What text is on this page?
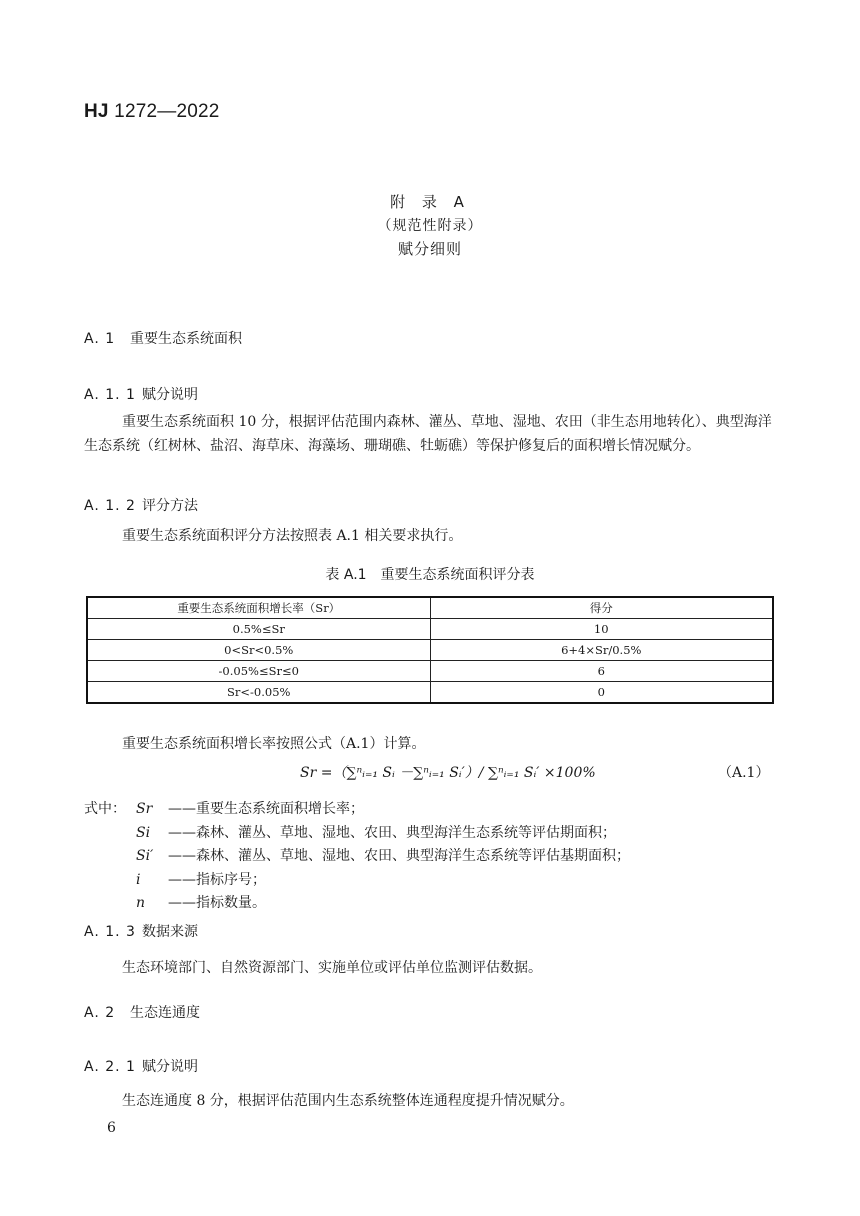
HJ 1272—2022
附 录 A
（规范性附录）
赋分细则
A. 1 重要生态系统面积
A. 1. 1 赋分说明
重要生态系统面积 10 分，根据评估范围内森林、灌丛、草地、湿地、农田（非生态用地转化）、典型海洋生态系统（红树林、盐沼、海草床、海藻场、珊瑚礁、牡蛎礁）等保护修复后的面积增长情况赋分。
A. 1. 2 评分方法
重要生态系统面积评分方法按照表 A.1 相关要求执行。
表 A.1　重要生态系统面积评分表
重要生态系统面积增长率（Sr）	得分
0.5%≤Sr	10
0<Sr<0.5%	6+4×Sr/0.5%
-0.05%≤Sr≤0	6
Sr<-0.05%	0
重要生态系统面积增长率按照公式（A.1）计算。
Sr =（∑ⁿᵢ₌₁ Sᵢ －∑ⁿᵢ₌₁ Sᵢ′）/ ∑ⁿᵢ₌₁ Sᵢ′ ×100%	（A.1）
式中： Sr ——重要生态系统面积增长率；
Si ——森林、灌丛、草地、湿地、农田、典型海洋生态系统等评估期面积；
Si′ ——森林、灌丛、草地、湿地、农田、典型海洋生态系统等评估基期面积；
i ——指标序号；
n ——指标数量。
A. 1. 3 数据来源
生态环境部门、自然资源部门、实施单位或评估单位监测评估数据。
A. 2 生态连通度
A. 2. 1 赋分说明
生态连通度 8 分，根据评估范围内生态系统整体连通程度提升情况赋分。
6
